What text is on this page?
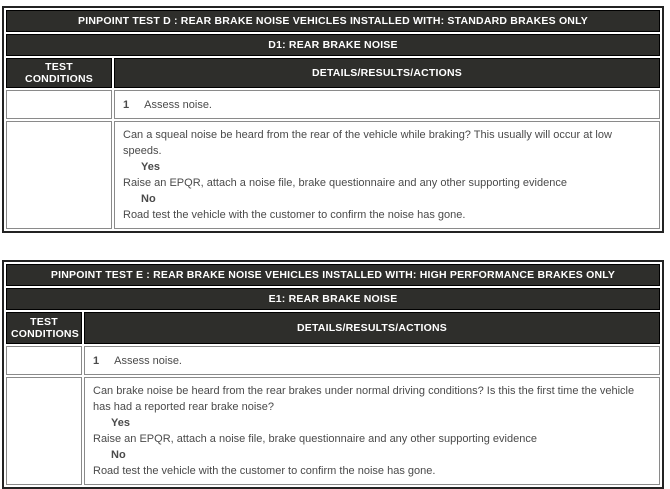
PINPOINT TEST D : REAR BRAKE NOISE VEHICLES INSTALLED WITH: STANDARD BRAKES ONLY	
D1: REAR BRAKE NOISE	
TEST CONDITIONS	DETAILS/RESULTS/ACTIONS
	1 Assess noise.

	Can a squeal noise be heard from the rear of the vehicle while braking? This usually will occur at low speeds.
Yes
Raise an EPQR, attach a noise file, brake questionnaire and any other supporting evidence
No
Road test the vehicle with the customer to confirm the noise has gone.
PINPOINT TEST E : REAR BRAKE NOISE VEHICLES INSTALLED WITH: HIGH PERFORMANCE BRAKES ONLY	
E1: REAR BRAKE NOISE	
TEST CONDITIONS	DETAILS/RESULTS/ACTIONS
	1 Assess noise.

	Can brake noise be heard from the rear brakes under normal driving conditions? Is this the first time the vehicle has had a reported rear brake noise?
Yes
Raise an EPQR, attach a noise file, brake questionnaire and any other supporting evidence
No
Road test the vehicle with the customer to confirm the noise has gone.
